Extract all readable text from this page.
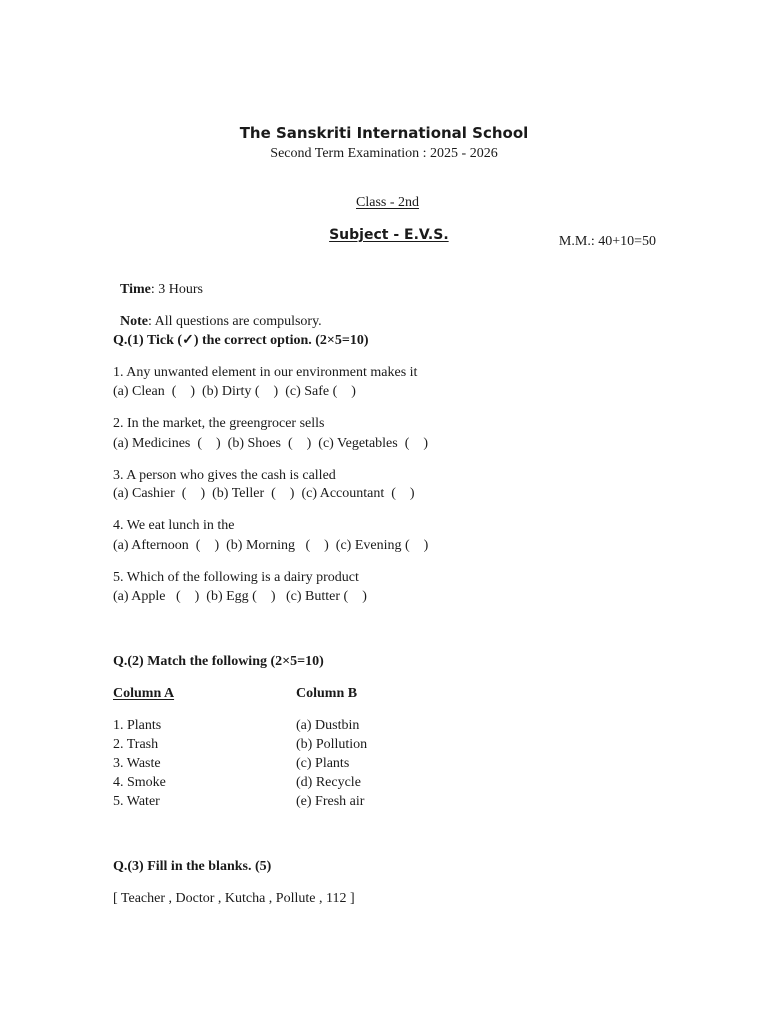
The Sanskriti International School
Second Term Examination : 2025 - 2026

Class - 2nd

Subject - E.V.S.	M.M.: 40+10=50

Time: 3 Hours

Note: All questions are compulsory.

Q.(1) Tick (✓) the correct option. (2×5=10)
1. Any unwanted element in our environment makes it
(a) Clean  (    )  (b) Dirty (    )  (c) Safe (    )
2. In the market, the greengrocer sells
(a) Medicines  (    )  (b) Shoes  (    )  (c) Vegetables  (    )
3. A person who gives the cash is called
(a) Cashier  (    )  (b) Teller  (    )  (c) Accountant  (    )
4. We eat lunch in the
(a) Afternoon  (    )  (b) Morning   (    )  (c) Evening (    )
5. Which of the following is a dairy product
(a) Apple   (    )  (b) Egg (    )   (c) Butter (    )
Q.(2) Match the following (2×5=10)
Column A	Column B
1. Plants
2. Trash
3. Waste
4. Smoke
5. Water
(a) Dustbin
(b) Pollution
(c) Plants
(d) Recycle
(e) Fresh air
Q.(3) Fill in the blanks. (5)
[ Teacher , Doctor , Kutcha , Pollute , 112 ]
